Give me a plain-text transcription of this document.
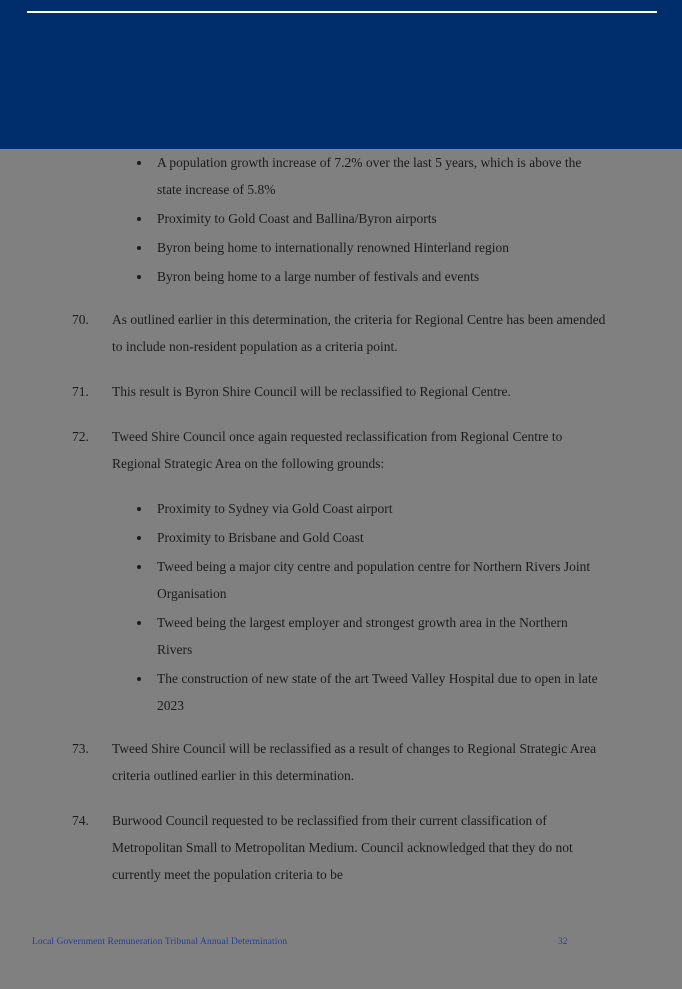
A population growth increase of 7.2% over the last 5 years, which is above the state increase of 5.8%
Proximity to Gold Coast and Ballina/Byron airports
Byron being home to internationally renowned Hinterland region
Byron being home to a large number of festivals and events
70.	As outlined earlier in this determination, the criteria for Regional Centre has been amended to include non-resident population as a criteria point.
71.	This result is Byron Shire Council will be reclassified to Regional Centre.
72.	Tweed Shire Council once again requested reclassification from Regional Centre to Regional Strategic Area on the following grounds:
Proximity to Sydney via Gold Coast airport
Proximity to Brisbane and Gold Coast
Tweed being a major city centre and population centre for Northern Rivers Joint Organisation
Tweed being the largest employer and strongest growth area in the Northern Rivers
The construction of new state of the art Tweed Valley Hospital due to open in late 2023
73.	Tweed Shire Council will be reclassified as a result of changes to Regional Strategic Area criteria outlined earlier in this determination.
74.	Burwood Council requested to be reclassified from their current classification of Metropolitan Small to Metropolitan Medium. Council acknowledged that they do not currently meet the population criteria to be
Local Government Remuneration Tribunal Annual Determination	32
